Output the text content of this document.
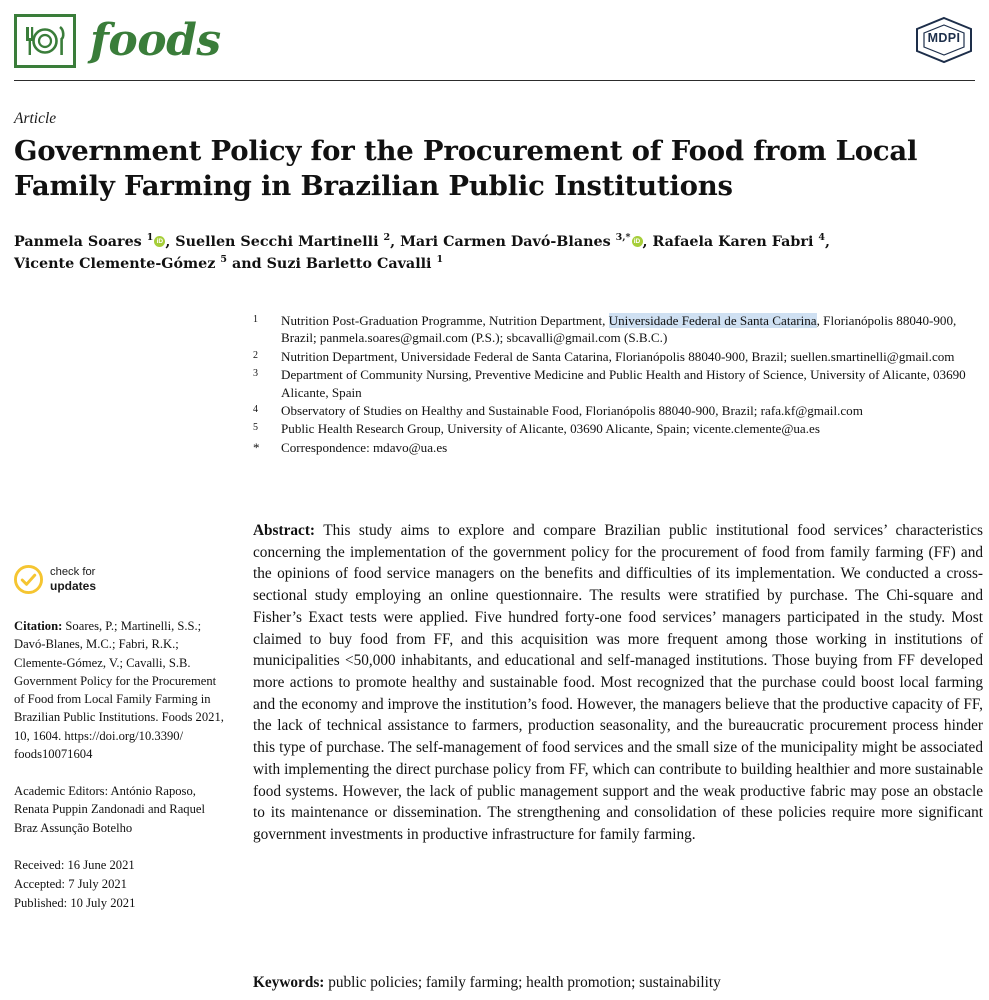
foods	MDPI
Article
Government Policy for the Procurement of Food from Local Family Farming in Brazilian Public Institutions
Panmela Soares $^1$ iD , Suellen Secchi Martinelli $^2$, Mari Carmen Davó-Blanes $^{3,*}$ iD , Rafaela Karen Fabri $^4$,
Vicente Clemente-Gómez $^5$ and Suzi Barletto Cavalli $^1$
1	Nutrition Post-Graduation Programme, Nutrition Department, Universidade Federal de Santa Catarina, Florianópolis 88040-900, Brazil; panmela.soares@gmail.com (P.S.); sbcavalli@gmail.com (S.B.C.)
2	Nutrition Department, Universidade Federal de Santa Catarina, Florianópolis 88040-900, Brazil; suellen.smartinelli@gmail.com
3	Department of Community Nursing, Preventive Medicine and Public Health and History of Science, University of Alicante, 03690 Alicante, Spain
4	Observatory of Studies on Healthy and Sustainable Food, Florianópolis 88040-900, Brazil; rafa.kf@gmail.com
5	Public Health Research Group, University of Alicante, 03690 Alicante, Spain; vicente.clemente@ua.es
*	Correspondence: mdavo@ua.es
Abstract: This study aims to explore and compare Brazilian public institutional food services’ characteristics concerning the implementation of the government policy for the procurement of food from family farming (FF) and the opinions of food service managers on the benefits and difficulties of its implementation. We conducted a cross-sectional study employing an online questionnaire. The results were stratified by purchase. The Chi-square and Fisher’s Exact tests were applied. Five hundred forty-one food services’ managers participated in the study. Most claimed to buy food from FF, and this acquisition was more frequent among those working in institutions of municipalities <50,000 inhabitants, and educational and self-managed institutions. Those buying from FF developed more actions to promote healthy and sustainable food. Most recognized that the purchase could boost local farming and the economy and improve the institution’s food. However, the managers believe that the productive capacity of FF, the lack of technical assistance to farmers, production seasonality, and the bureaucratic procurement process hinder this type of purchase. The self-management of food services and the small size of the municipality might be associated with implementing the direct purchase policy from FF, which can contribute to building healthier and more sustainable food systems. However, the lack of public management support and the weak productive fabric may pose an obstacle to its maintenance or dissemination. The strengthening and consolidation of these policies require more significant government investments in productive infrastructure for family farming.
Keywords: public policies; family farming; health promotion; sustainability
check for
updates
Citation: Soares, P.; Martinelli, S.S.; Davó-Blanes, M.C.; Fabri, R.K.; Clemente-Gómez, V.; Cavalli, S.B. Government Policy for the Procurement of Food from Local Family Farming in Brazilian Public Institutions. Foods 2021, 10, 1604. https://doi.org/10.3390/ foods10071604
Academic Editors: António Raposo, Renata Puppin Zandonadi and Raquel Braz Assunção Botelho
Received: 16 June 2021
Accepted: 7 July 2021
Published: 10 July 2021
